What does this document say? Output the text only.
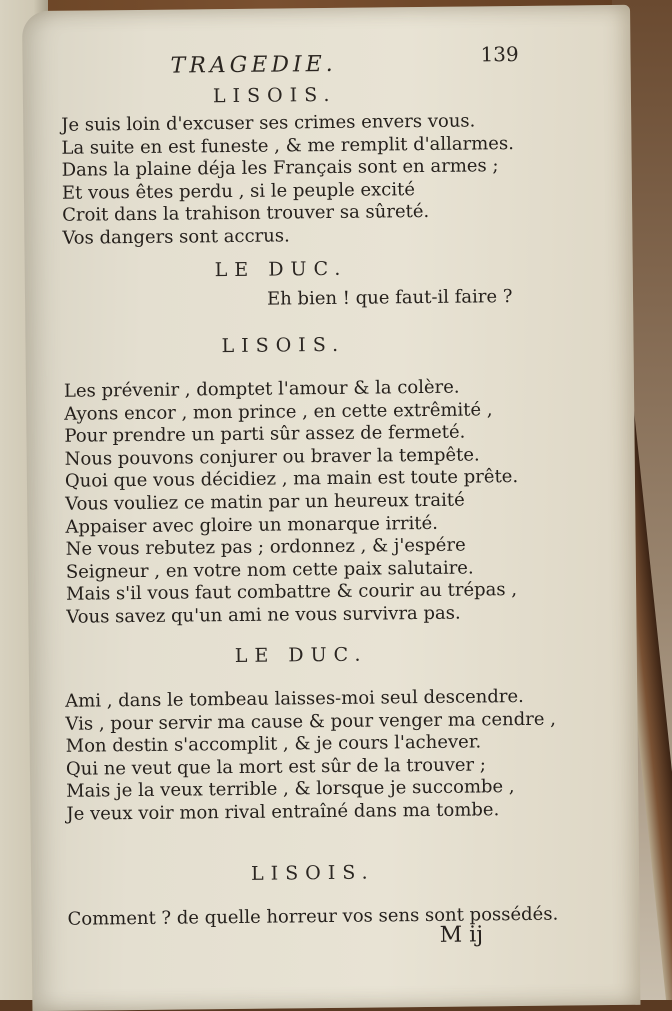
TRAGEDIE.	139
LISOIS.
Je suis loin d'excuser ses crimes envers vous.
La suite en est funeste , & me remplit d'allarmes.
Dans la plaine déja les Français sont en armes ;
Et vous êtes perdu , si le peuple excité
Croit dans la trahison trouver sa sûreté.
Vos dangers sont accrus.
LE DUC.
Eh bien ! que faut-il faire ?
LISOIS.
Les prévenir , domptet l'amour & la colère.
Ayons encor , mon prince , en cette extrêmité ,
Pour prendre un parti sûr assez de fermeté.
Nous pouvons conjurer ou braver la tempête.
Quoi que vous décidiez , ma main est toute prête.
Vous vouliez ce matin par un heureux traité
Appaiser avec gloire un monarque irrité.
Ne vous rebutez pas ; ordonnez , & j'espére
Seigneur , en votre nom cette paix salutaire.
Mais s'il vous faut combattre & courir au trépas ,
Vous savez qu'un ami ne vous survivra pas.
LE DUC.
Ami , dans le tombeau laisses-moi seul descendre.
Vis , pour servir ma cause & pour venger ma cendre ,
Mon destin s'accomplit , & je cours l'achever.
Qui ne veut que la mort est sûr de la trouver ;
Mais je la veux terrible , & lorsque je succombe ,
Je veux voir mon rival entraîné dans ma tombe.
LISOIS.
Comment ? de quelle horreur vos sens sont possédés.
M ij
